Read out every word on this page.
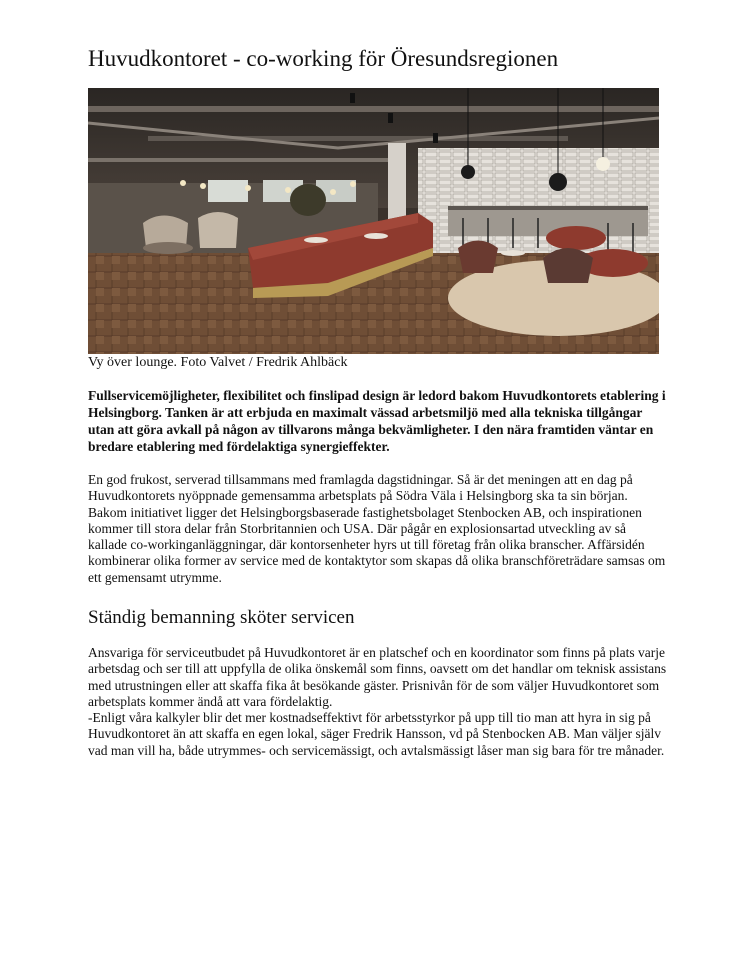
Huvudkontoret - co-working för Öresundsregionen
Vy över lounge. Foto Valvet / Fredrik Ahlbäck

Fullservicemöjligheter, flexibilitet och finslipad design är ledord bakom Huvudkontorets etablering i Helsingborg. Tanken är att erbjuda en maximalt vässad arbetsmiljö med alla tekniska tillgångar utan att göra avkall på någon av tillvarons många bekvämligheter. I den nära framtiden väntar en bredare etablering med fördelaktiga synergieffekter.

En god frukost, serverad tillsammans med framlagda dagstidningar. Så är det meningen att en dag på Huvudkontorets nyöppnade gemensamma arbetsplats på Södra Väla i Helsingborg ska ta sin början. Bakom initiativet ligger det Helsingborgsbaserade fastighetsbolaget Stenbocken AB, och inspirationen kommer till stora delar från Storbritannien och USA. Där pågår en explosionsartad utveckling av så kallade co-workinganläggningar, där kontorsenheter hyrs ut till företag från olika branscher. Affärsidén kombinerar olika former av service med de kontaktytor som skapas då olika branschföreträdare samsas om ett gemensamt utrymme.

Ständig bemanning sköter servicen

Ansvariga för serviceutbudet på Huvudkontoret är en platschef och en koordinator som finns på plats varje arbetsdag och ser till att uppfylla de olika önskemål som finns, oavsett om det handlar om teknisk assistans med utrustningen eller att skaffa fika åt besökande gäster. Prisnivån för de som väljer Huvudkontoret som arbetsplats kommer ändå att vara fördelaktig.

-Enligt våra kalkyler blir det mer kostnadseffektivt för arbetsstyrkor på upp till tio man att hyra in sig på Huvudkontoret än att skaffa en egen lokal, säger Fredrik Hansson, vd på Stenbocken AB. Man väljer själv vad man vill ha, både utrymmes- och servicemässigt, och avtalsmässigt låser man sig bara för tre månader.
